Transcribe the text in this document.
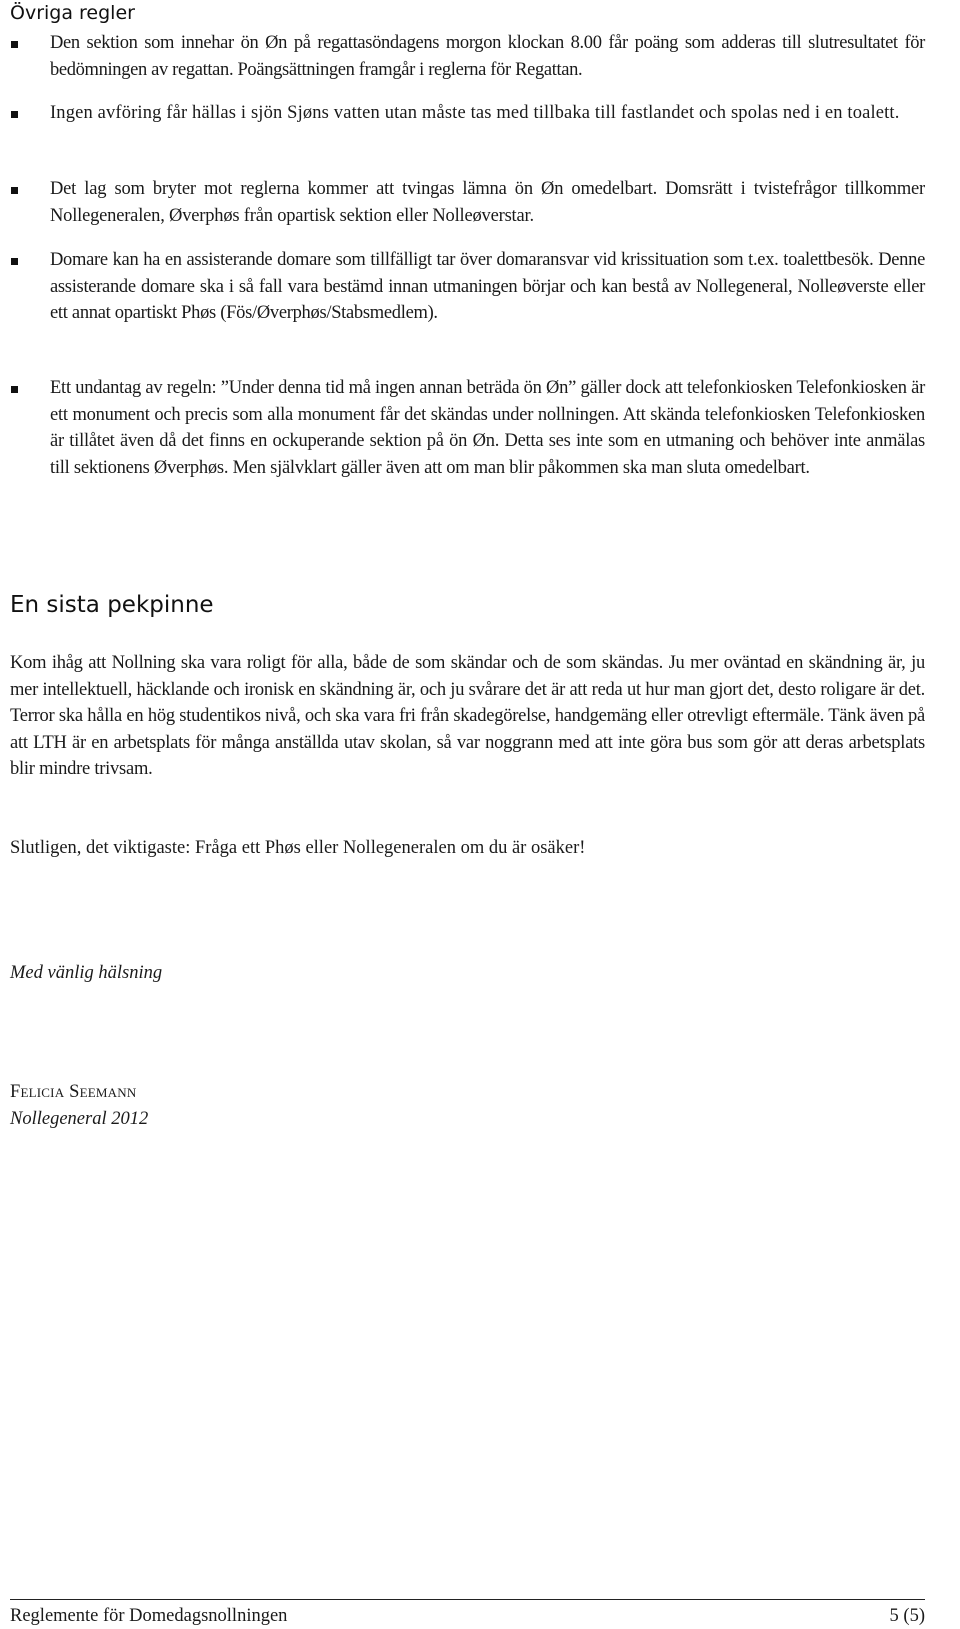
Övriga regler
Den sektion som innehar ön Øn på regattasöndagens morgon klockan 8.00 får poäng som adderas till slutresultatet för bedömningen av regattan. Poängsättningen framgår i reglerna för Regattan.
Ingen avföring får hällas i sjön Sjøns vatten utan måste tas med tillbaka till fastlandet och spolas ned i en toalett.
Det lag som bryter mot reglerna kommer att tvingas lämna ön Øn omedelbart. Domsrätt i tvistefrågor tillkommer Nollegeneralen, Øverphøs från opartisk sektion eller Nolleøverstar.
Domare kan ha en assisterande domare som tillfälligt tar över domaransvar vid krissituation som t.ex. toalettbesök. Denne assisterande domare ska i så fall vara bestämd innan utmaningen börjar och kan bestå av Nollegeneral, Nolleøverste eller ett annat opartiskt Phøs (Fös/Øverphøs/Stabsmedlem).
Ett undantag av regeln: ”Under denna tid må ingen annan beträda ön Øn” gäller dock att telefonkiosken Telefonkiosken är ett monument och precis som alla monument får det skändas under nollningen. Att skända telefonkiosken Telefonkiosken är tillåtet även då det finns en ockuperande sektion på ön Øn. Detta ses inte som en utmaning och behöver inte anmälas till sektionens Øverphøs. Men självklart gäller även att om man blir påkommen ska man sluta omedelbart.
En sista pekpinne

Kom ihåg att Nollning ska vara roligt för alla, både de som skändar och de som skändas. Ju mer oväntad en skändning är, ju mer intellektuell, häcklande och ironisk en skändning är, och ju svårare det är att reda ut hur man gjort det, desto roligare är det. Terror ska hålla en hög studentikos nivå, och ska vara fri från skadegörelse, handgemäng eller otrevligt eftermäle. Tänk även på att LTH är en arbetsplats för många anställda utav skolan, så var noggrann med att inte göra bus som gör att deras arbetsplats blir mindre trivsam.

Slutligen, det viktigaste: Fråga ett Phøs eller Nollegeneralen om du är osäker!

Med vänlig hälsning
Felicia Seemann
Nollegeneral 2012
Reglemente för Domedagsnollningen	5 (5)
